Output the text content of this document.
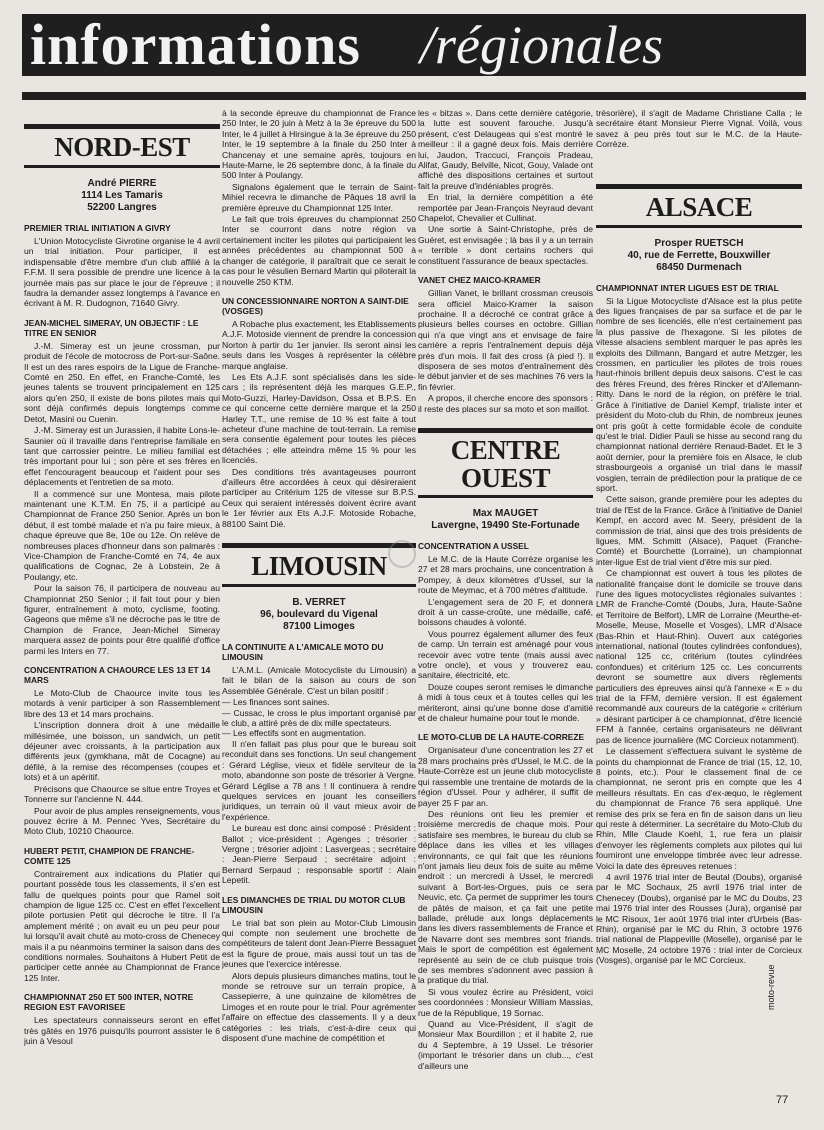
informations /régionales
NORD-EST
André PIERRE
1114 Les Tamaris
52200 Langres
PREMIER TRIAL INITIATION A GIVRY

L'Union Motocycliste Givrotine organise le 4 avril un trial initiation. Pour participer, il est indispensable d'être membre d'un club affilié à la F.F.M. Il sera possible de prendre une licence à la journée mais pas sur place le jour de l'épreuve ; il faudra la demander assez longtemps à l'avance en écrivant à M. R. Dudognon, 71640 Givry.

JEAN-MICHEL SIMERAY, UN OBJECTIF : LE TITRE EN SENIOR

J.-M. Simeray est un jeune crossman, pur produit de l'école de motocross de Port-sur-Saône. Il est un des rares espoirs de la Ligue de Franche-Comté en 250. En effet, en Franche-Comté, les jeunes talents se trouvent principalement en 125 alors qu'en 250, il existe de bons pilotes mais qui sont déjà confirmés depuis longtemps comme Detot, Masini ou Cuenin.

J.-M. Simeray est un Jurassien, il habite Lons-le-Saunier où il travaille dans l'entreprise familiale en tant que carrossier peintre. Le milieu familial est très important pour lui ; son père et ses frères en effet l'encouragent beaucoup et l'aident pour ses déplacements et l'entretien de sa moto.

Il a commencé sur une Montesa, mais pilote maintenant une K.T.M. En 75, il a participé au Championnat de France 250 Senior. Après un bon début, il est tombé malade et n'a pu faire mieux, à chaque épreuve que 8e, 10e ou 12e. On relève de nombreuses places d'honneur dans son palmarès : Vice-Champion de Franche-Comté en 74, 4e aux qualifications de Cognac, 2e à Lobstein, 2e à Poulangy, etc.

Pour la saison 76, il participera de nouveau au Championnat 250 Senior ; il fait tout pour y bien figurer, entraînement à moto, cyclisme, footing. Gageons que même s'il ne décroche pas le titre de Champion de France, Jean-Michel Simeray marquera assez de points pour être qualifié d'office parmi les Inters en 77.

CONCENTRATION A CHAOURCE LES 13 ET 14 MARS

Le Moto-Club de Chaource invite tous les motards à venir participer à son Rassemblement libre des 13 et 14 mars prochains.

L'inscription donnera droit à une médaille millésimée, une boisson, un sandwich, un petit déjeuner avec croissants, à la participation aux différents jeux (gymkhana, mât de Cocagne) au défilé, à la remise des récompenses (coupes et lots) et à un apéritif.

Précisons que Chaource se situe entre Troyes et Tonnerre sur l'ancienne N. 444.

Pour avoir de plus amples renseignements, vous pouvez écrire à M. Pennec Yves, Secrétaire du Moto Club, 10210 Chaource.

HUBERT PETIT, CHAMPION DE FRANCHE-COMTE 125

Contrairement aux indications du Platier qui pourtant possède tous les classements, il s'en est fallu de quelques points pour que Ramel soit champion de ligue 125 cc. C'est en effet l'excellent pilote portusien Petit qui décroche le titre. Il l'a amplement mérité ; on avait eu un peu peur pour lui lorsqu'il avait chuté au moto-cross de Chenecey mais il a pu néanmoins terminer la saison dans des conditions normales. Souhaitons à Hubert Petit de participer cette année au Championnat de France 125 Inter.

CHAMPIONNAT 250 ET 500 INTER, NOTRE REGION EST FAVORISEE

Les spectateurs connaisseurs seront en effet très gâtés en 1976 puisqu'ils pourront assister le 6 juin à Vesoul

à la seconde épreuve du championnat de France 250 Inter, le 20 juin à Metz à la 3e épreuve du 500 Inter, le 4 juillet à Hirsingue à la 3e épreuve du 250 Inter, le 19 septembre à la finale du 250 Inter à Chancenay et une semaine après, toujours en Haute-Marne, le 26 septembre donc, à la finale du 500 Inter à Poulangy.

Signalons également que le terrain de Saint-Mihiel recevra le dimanche de Pâques 18 avril la première épreuve du Championnat 125 Inter.

Le fait que trois épreuves du championnat 250 Inter se courront dans notre région va certainement inciter les pilotes qui participaient les années précédentes au championnat 500 à changer de catégorie, il paraîtrait que ce serait le cas pour le vésulien Bernard Martin qui piloterait la nouvelle 250 KTM.

UN CONCESSIONNAIRE NORTON A SAINT-DIE (VOSGES)

A Robache plus exactement, les Etablissements A.J.F. Motoside viennent de prendre la concession Norton à partir du 1er janvier. Ils seront ainsi les seuls dans les Vosges à représenter la célèbre marque anglaise.

Les Ets A.J.F. sont spécialisés dans les side-cars ; ils représentent déjà les marques G.E.P., Moto-Guzzi, Harley-Davidson, Ossa et B.P.S. En ce qui concerne cette dernière marque et la 250 Harley T.T., une remise de 10 % est faite à tout acheteur d'une machine de tout-terrain. La remise sera consentie également pour toutes les pièces détachées ; elle atteindra même 15 % pour les licenciés.

Des conditions très avantageuses pourront d'ailleurs être accordées à ceux qui désireraient participer au Critérium 125 de vitesse sur B.P.S. Ceux qui seraient intéressés doivent écrire avant le 1er février aux Ets A.J.F. Motoside Robache, 88100 Saint Dié.

LIMOUSIN
B. VERRET
96, boulevard du Vigenal
87100 Limoges
LA CONTINUITE A L'AMICALE MOTO DU LIMOUSIN

L'A.M.L. (Amicale Motocycliste du Limousin) a fait le bilan de la saison au cours de son Assemblée Générale. C'est un bilan positif :

— Les finances sont saines.

— Cussac, le cross le plus important organisé par le club, a attiré près de dix mille spectateurs.

— Les effectifs sont en augmentation.

Il n'en fallait pas plus pour que le bureau soit reconduit dans ses fonctions. Un seul changement : Gérard Léglise, vieux et fidèle serviteur de la moto, abandonne son poste de trésorier à Vergne. Gérard Léglise a 78 ans ! Il continuera à rendre quelques services en jouant les conseillers juridiques, un terrain où il vaut mieux avoir de l'expérience.

Le bureau est donc ainsi composé : Président : Ballot ; vice-président : Agenges ; trésorier : Vergne ; trésorier adjoint : Lasvergeas ; secrétaire : Jean-Pierre Serpaud ; secrétaire adjoint : Bernard Serpaud ; responsable sportif : Alain Lepetit.

LES DIMANCHES DE TRIAL DU MOTOR CLUB LIMOUSIN

Le trial bat son plein au Motor-Club Limousin qui compte non seulement une brochette de compétiteurs de talent dont Jean-Pierre Bessaguet est la figure de proue, mais aussi tout un tas de jeunes que l'exercice intéresse.

Alors depuis plusieurs dimanches matins, tout le monde se retrouve sur un terrain propice, à Cassepierre, à une quinzaine de kilomètres de Limoges et en route pour le trial. Pour agrémenter l'affaire on effectue des classements. Il y a deux catégories : les trials, c'est-à-dire ceux qui disposent d'une machine de compétition et

les « bitzas ». Dans cette dernière catégorie, la lutte est souvent farouche. Jusqu'à présent, c'est Delaugeas qui s'est montré le meilleur : il a gagné deux fois. Mais derrière lui, Jaudon, Traccuci, François Pradeau, Alifat, Gaudy, Belville, Nicot, Gouy, Valade ont affiché des dispositions certaines et surtout fait la preuve d'indéniables progrès.

En trial, la dernière compétition a été remportée par Jean-François Neyraud devant Chapelot, Chevalier et Cullinat.

Une sortie à Saint-Christophe, près de Guéret, est envisagée ; là bas il y a un terrain « terrible » dont certains rochers qui constituent l'assurance de beaux spectacles.

VANET CHEZ MAICO-KRAMER

Gillian Vanet, le brillant crossman creusois sera officiel Maico-Kramer la saison prochaine. Il a décroché ce contrat grâce à plusieurs belles courses en octobre. Gillian qui n'a que vingt ans et envisage de faire carrière a repris l'entraînement depuis déjà près d'un mois. Il fait des cross (à pied !). Il disposera de ses motos d'entraînement dès le début janvier et de ses machines 76 vers la fin février.

A propos, il cherche encore des sponsors : il reste des places sur sa moto et son maillot.

CENTRE
OUEST
Max MAUGET
Lavergne, 19490 Ste-Fortunade
CONCENTRATION A USSEL

Le M.C. de la Haute Corrèze organise les 27 et 28 mars prochains, une concentration à Pompey, à deux kilomètres d'Ussel, sur la route de Meymac, et à 700 mètres d'altitude.

L'engagement sera de 20 F, et donnera droit à un casse-croûte, une médaille, café, boissons chaudes à volonté.

Vous pourrez également allumer des feux de camp. Un terrain est aménagé pour vous recevoir avec votre tente (mais aussi avec votre oncle), et vous y trouverez eau, sanitaire, électricité, etc.

Douze coupes seront remises le dimanche à midi à tous ceux et à toutes celles qui les mériteront, ainsi qu'une bonne dose d'amitié et de chaleur humaine pour tout le monde.

LE MOTO-CLUB DE LA HAUTE-CORREZE

Organisateur d'une concentration les 27 et 28 mars prochains près d'Ussel, le M.C. de la Haute-Corrèze est un jeune club motocycliste qui rassemble une trentaine de motards de la région d'Ussel. Pour y adhérer, il suffit de payer 25 F par an.

Des réunions ont lieu les premier et troisième mercredis de chaque mois. Pour satisfaire ses membres, le bureau du club se déplace dans les villes et les villages environnants, ce qui fait que les réunions n'ont jamais lieu deux fois de suite au même endroit : un mercredi à Ussel, le mercredi suivant à Bort-les-Orgues, puis ce sera Neuvic, etc. Ça permet de supprimer les tours de pâtés de maison, et ça fait une petite ballade, prélude aux longs déplacements dans les divers rassemblements de France et de Navarre dont ses membres sont friands. Mais le sport de compétition est également représenté au sein de ce club puisque trois de ses membres s'adonnent avec passion à la pratique du trial.

Si vous voulez écrire au Président, voici ses coordonnées : Monsieur William Massias, rue de la République, 19 Sornac.

Quand au Vice-Président, il s'agit de Monsieur Max Bourdillon ; et il habite 2, rue du 4 Septembre, à 19 Ussel. Le trésorier (important le trésorier dans un club..., c'est d'ailleurs une

trésorière), il s'agit de Madame Christiane Calla ; le secrétaire étant Monsieur Pierre Vignal. Voilà, vous savez à peu près tout sur le M.C. de la Haute-Corrèze.

ALSACE
Prosper RUETSCH
40, rue de Ferrette, Bouxwiller
68450 Durmenach
CHAMPIONNAT INTER LIGUES EST DE TRIAL

Si la Ligue Motocycliste d'Alsace est la plus petite des ligues françaises de par sa surface et de par le nombre de ses licenciés, elle n'est certainement pas la plus passive de l'hexagone. Si les pilotes de vitesse alsaciens semblent marquer le pas après les exploits des Dillmann, Bangard et autre Metzger, les crossmen, en particulier les pilotes de trois roues haut-rhinois brillent depuis deux saisons. C'est le cas des frères Freund, des frères Rincker et d'Allemann-Ritty. Dans le nord de la région, on préfère le trial. Grâce à l'initiative de Daniel Kempf, trialiste inter et président du Moto-club du Rhin, de nombreux jeunes ont pris goût à cette formidable école de conduite qu'est le trial. Didier Pauli se hisse au second rang du championnat national derrière Renaud-Badet. Et le 3 août dernier, pour la première fois en Alsace, le club strasbourgeois a organisé un trial dans le massif vosgien, terrain de prédilection pour la pratique de ce sport.

Cette saison, grande première pour les adeptes du trial de l'Est de la France. Grâce à l'initiative de Daniel Kempf, en accord avec M. Seery, président de la commission de trial, ainsi que des trois présidents de ligues, MM. Schmitt (Alsace), Paquet (Franche-Comté) et Bourchette (Lorraine), un championnat inter-ligue Est de trial vient d'être mis sur pied.

Ce championnat est ouvert à tous les pilotes de nationalité française dont le domicile se trouve dans l'une des ligues motocyclistes régionales suivantes : LMR de Franche-Comté (Doubs, Jura, Haute-Saône et Territoire de Belfort), LMR de Lorraine (Meurthe-et-Moselle, Meuse, Moselle et Vosges), LMR d'Alsace (Bas-Rhin et Haut-Rhin). Ouvert aux catégories international, national (toutes cylindrées confondues), national 125 cc, critérium (toutes cylindrées confondues) et critérium 125 cc. Les concurrents devront se soumettre aux divers règlements particuliers des épreuves ainsi qu'à l'annexe « E » du trial de la FFM, dernière version. Il est également recommandé aux coureurs de la catégorie « critérium » désirant participer à ce championnat, d'être licencié FFM à l'année, certains organisateurs ne délivrant pas de licence journalière (MC Corcieux notamment).

Le classement s'effectuera suivant le système de points du championnat de France de trial (15, 12, 10, 8 points, etc.). Pour le classement final de ce championnat, ne seront pris en compte que les 4 meilleurs résultats. En cas d'ex-æquo, le règlement du championnat de France 76 sera appliqué. Une remise des prix se fera en fin de saison dans un lieu qui reste à déterminer. La secrétaire du Moto-Club du Rhin, Mlle Claude Koehl, 1, rue fera un plaisir d'envoyer les règlements complets aux pilotes qui lui fourniront une enveloppe timbrée avec leur adresse. Voici la date des épreuves retenues :

4 avril 1976 trial inter de Beutal (Doubs), organisé par le MC Sochaux, 25 avril 1976 trial inter de Chenecey (Doubs), organisé par le MC du Doubs, 23 mai 1976 trial inter des Rousses (Jura), organisé par le MC Risoux, 1er août 1976 trial inter d'Urbeis (Bas-Rhin), organisé par le MC du Rhin, 3 octobre 1976 trial national de Plappeville (Moselle), organisé par le MC Moselle, 24 octobre 1976 : trial inter de Corcieux (Vosges), organisé par le MC Corcieux.

moto-revue
77
